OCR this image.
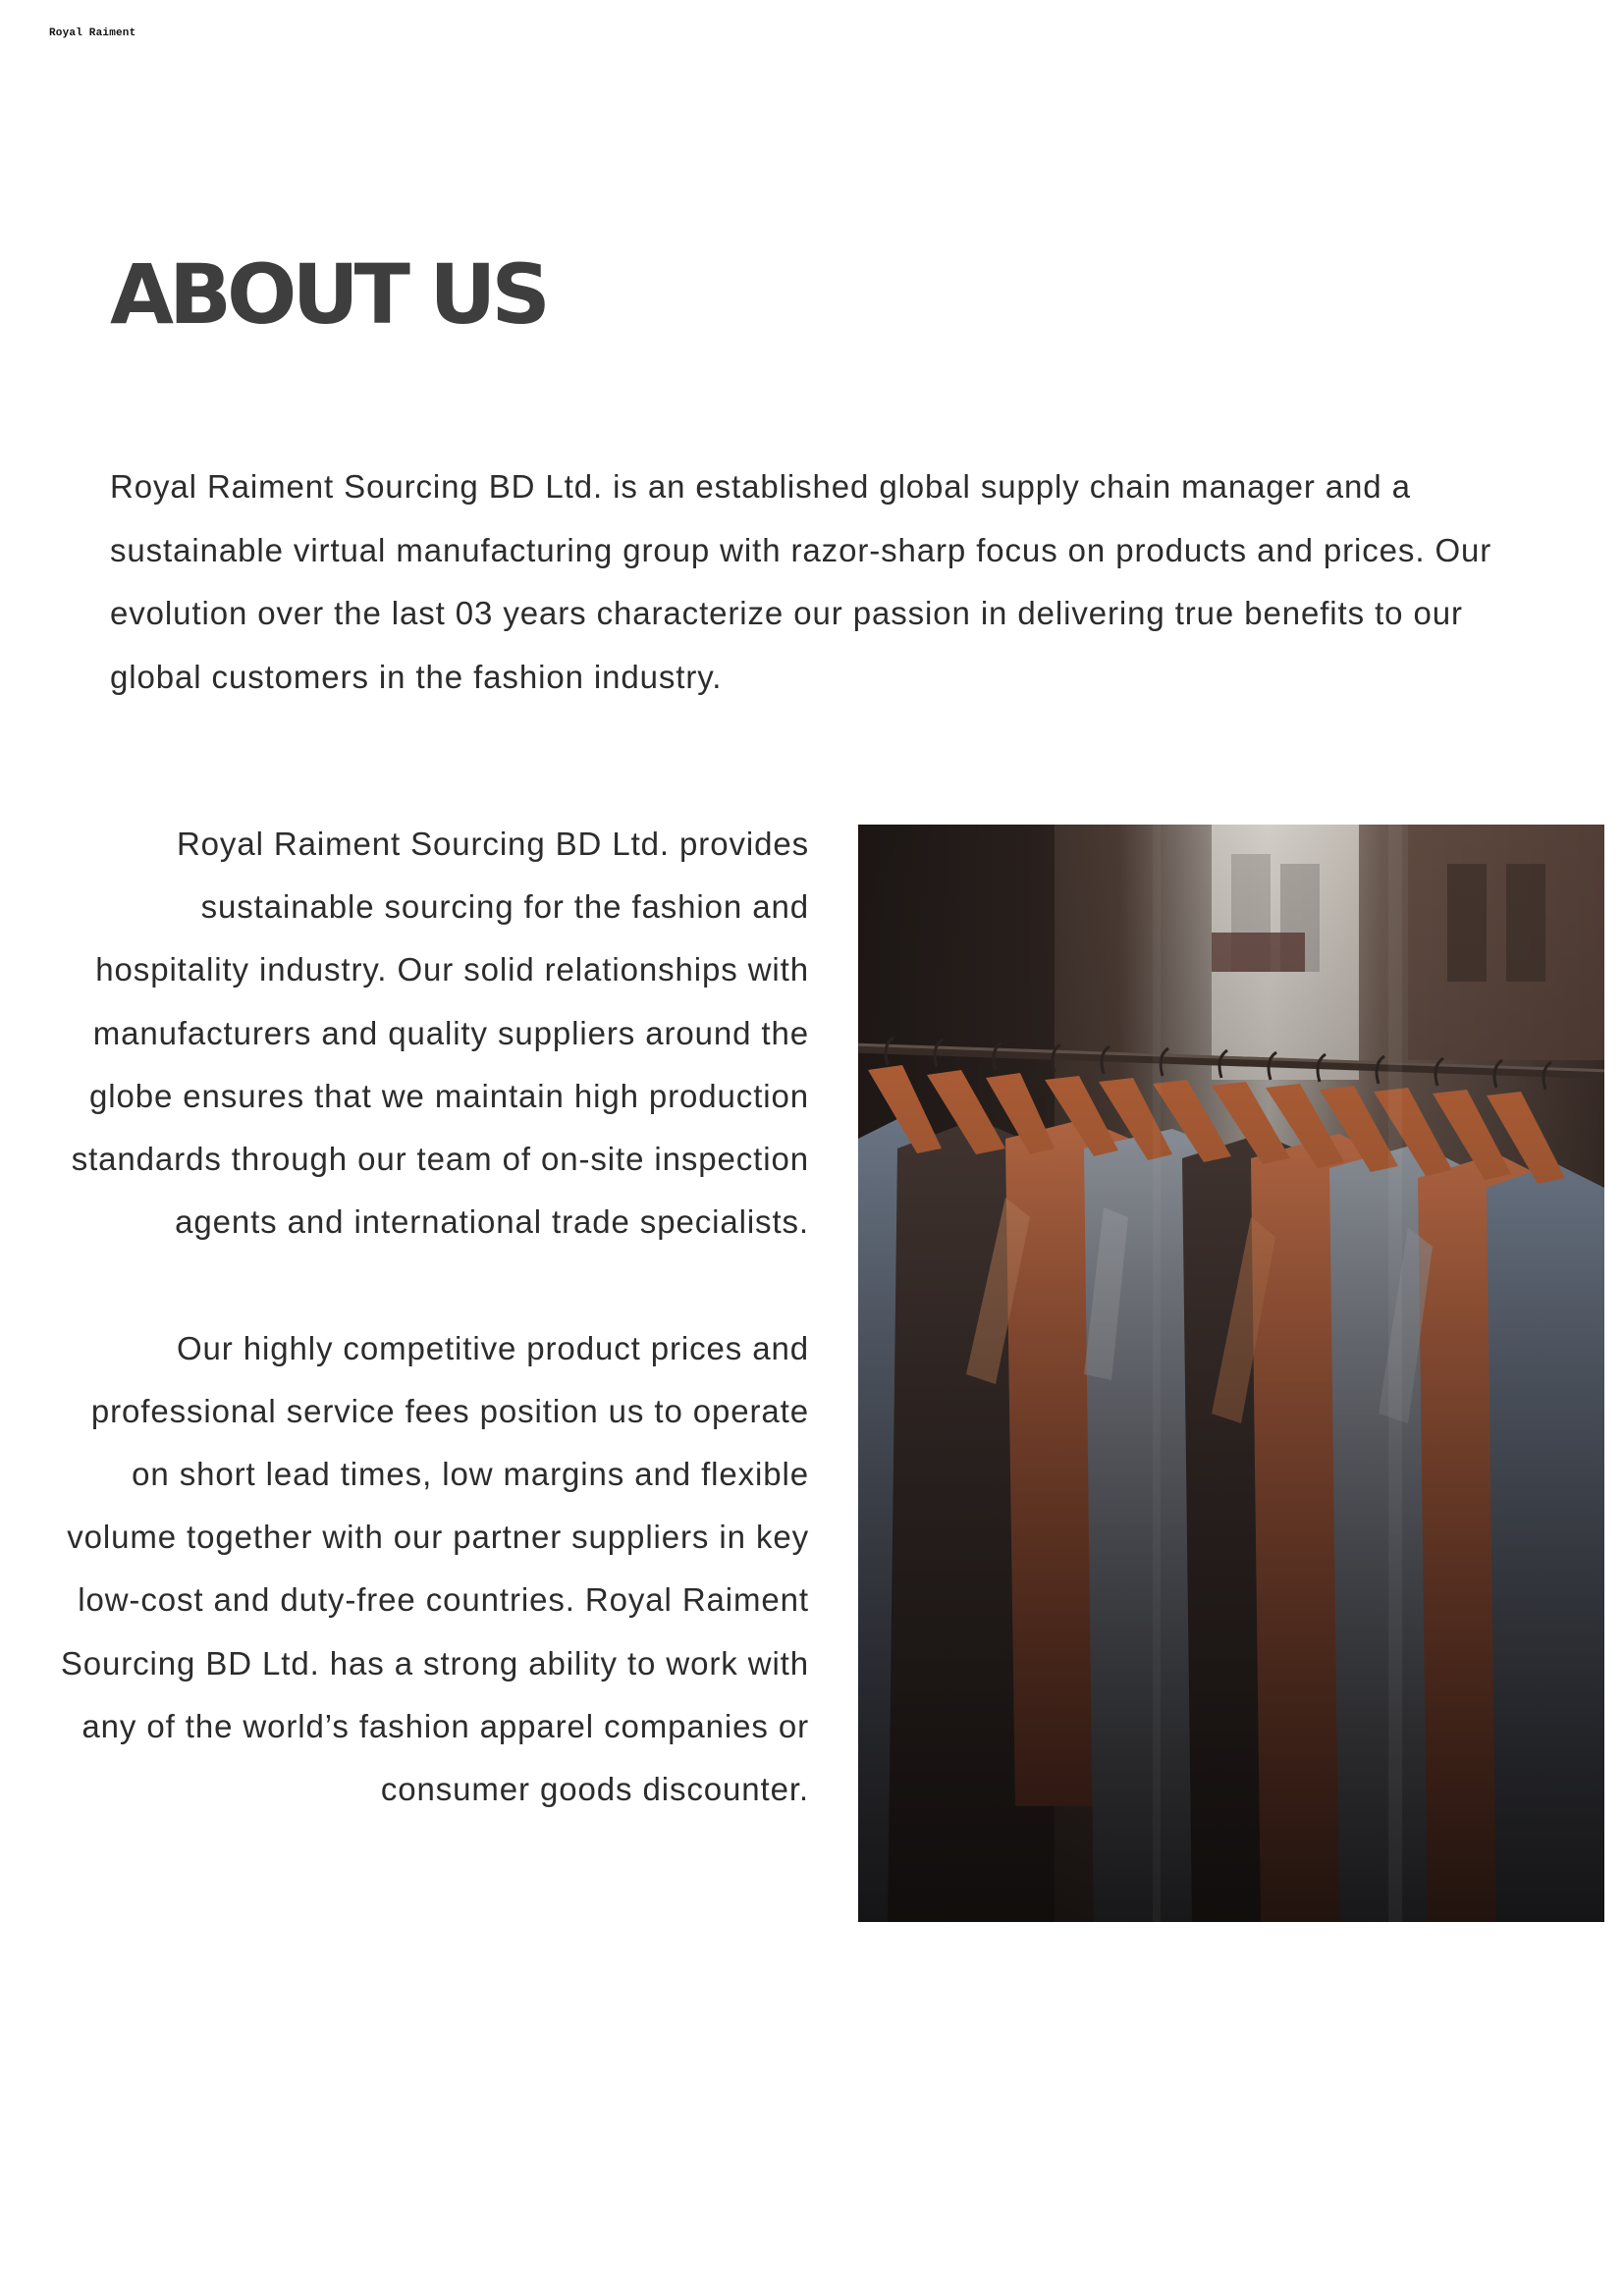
Royal Raiment
ABOUT US

Royal Raiment Sourcing BD Ltd. is an established global supply chain manager and a sustainable virtual manufacturing group with razor-sharp focus on products and prices. Our evolution over the last 03 years characterize our passion in delivering true benefits to our global customers in the fashion industry.

Royal Raiment Sourcing BD Ltd. provides sustainable sourcing for the fashion and hospitality industry. Our solid relationships with manufacturers and quality suppliers around the globe ensures that we maintain high production standards through our team of on-site inspection agents and international trade specialists.

Our highly competitive product prices and professional service fees position us to operate on short lead times, low margins and flexible volume together with our partner suppliers in key low-cost and duty-free countries. Royal Raiment Sourcing BD Ltd. has a strong ability to work with any of the world’s fashion apparel companies or consumer goods discounter.
